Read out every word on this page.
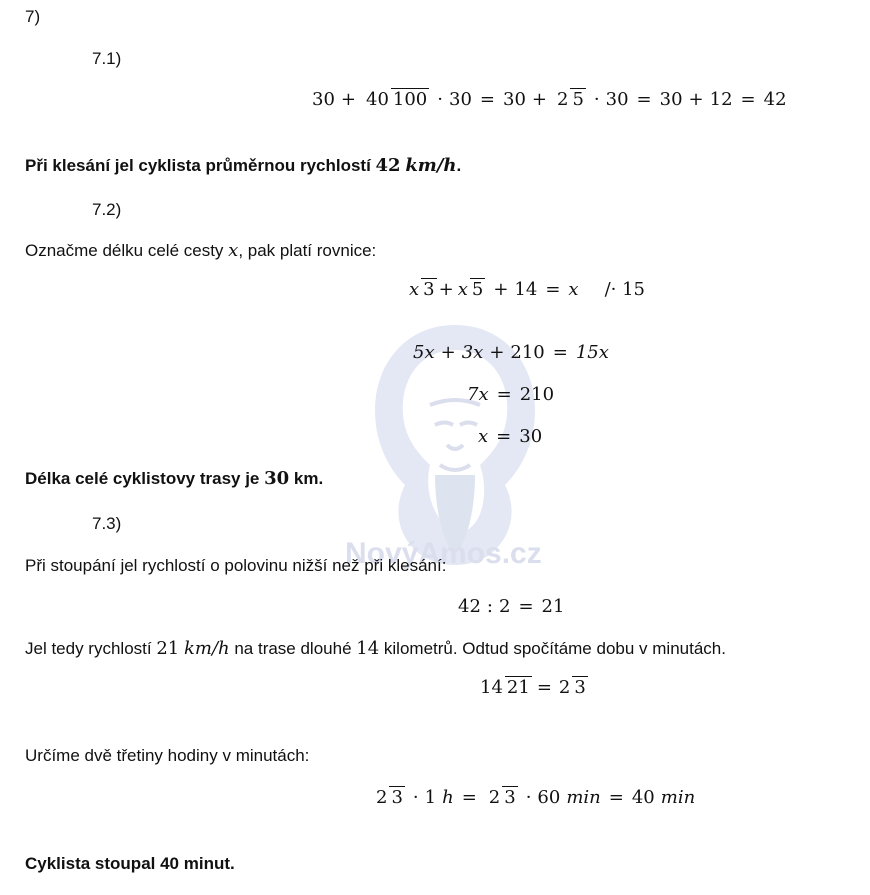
NovýAmos.cz
7)
7.1)
30 + 40 100 · 30 = 30 + 2 5 · 30 = 30 + 12 = 42
Při klesání jel cyklista průměrnou rychlostí 42 km/h.
7.2)
Označme délku celé cesty x, pak platí rovnice:
x 3 + x 5 + 14 = x /· 15
5x + 3x + 210 = 15x
7x = 210
x = 30
Délka celé cyklistovy trasy je 30 km.
7.3)
Při stoupání jel rychlostí o polovinu nižší než při klesání:
42 : 2 = 21
Jel tedy rychlostí 21 km/h na trase dlouhé 14 kilometrů. Odtud spočítáme dobu v minutách.
14 21 = 2 3
Určíme dvě třetiny hodiny v minutách:
2 3 · 1 h = 2 3 · 60 min = 40 min
Cyklista stoupal 40 minut.
